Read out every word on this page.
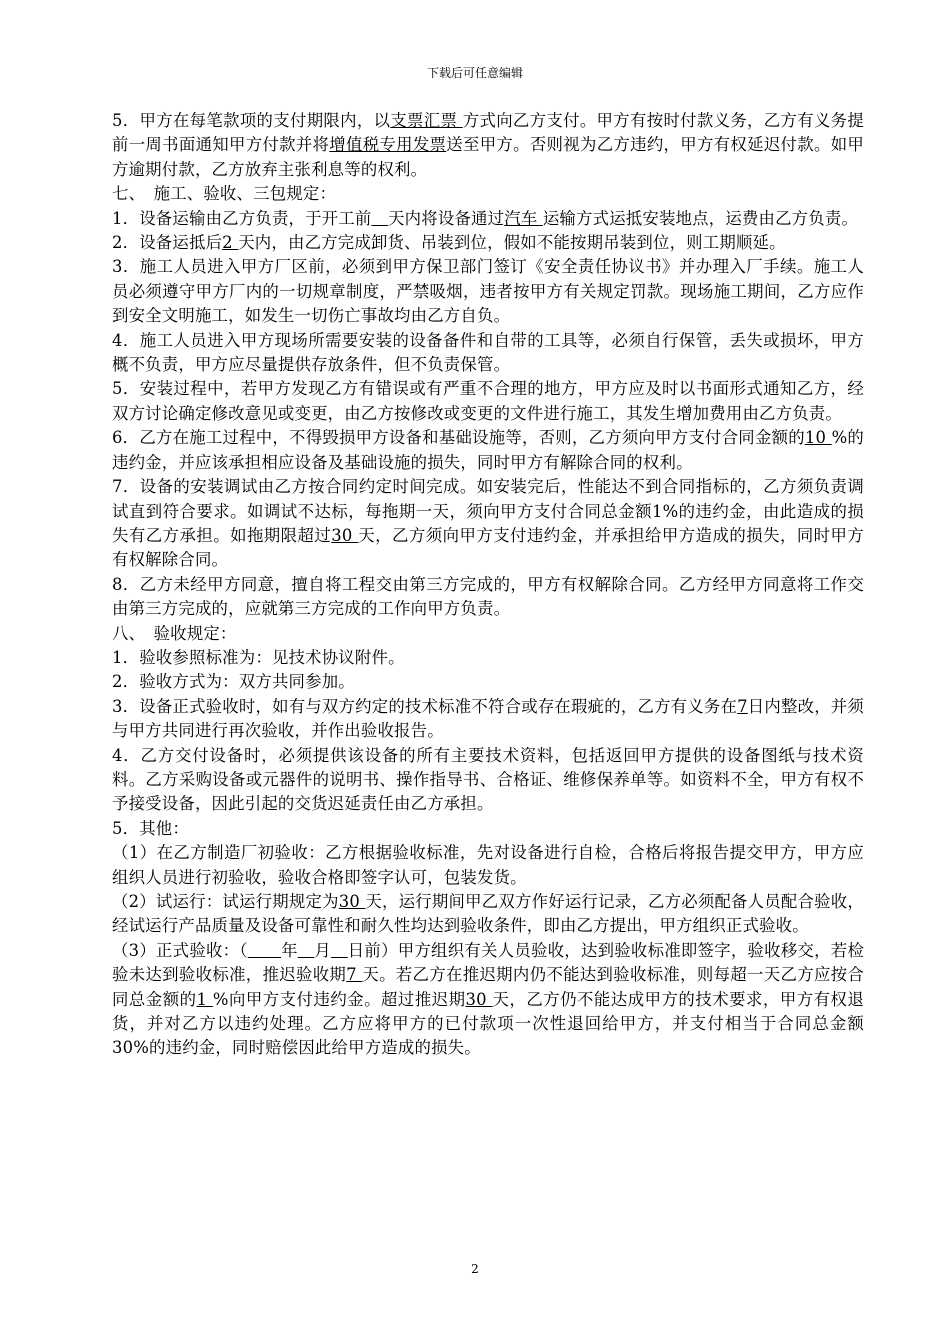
下载后可任意编辑

5．甲方在每笔款项的支付期限内，以支票汇票 方式向乙方支付。甲方有按时付款义务，乙方有义务提前一周书面通知甲方付款并将增值税专用发票送至甲方。否则视为乙方违约，甲方有权延迟付款。如甲方逾期付款，乙方放弃主张利息等的权利。

七、　施工、验收、三包规定：

1．设备运输由乙方负责，于开工前　 天内将设备通过汽车 运输方式运抵安装地点，运费由乙方负责。

2．设备运抵后2 天内，由乙方完成卸货、吊装到位，假如不能按期吊装到位，则工期顺延。

3．施工人员进入甲方厂区前，必须到甲方保卫部门签订《安全责任协议书》并办理入厂手续。施工人员必须遵守甲方厂内的一切规章制度，严禁吸烟，违者按甲方有关规定罚款。现场施工期间，乙方应作到安全文明施工，如发生一切伤亡事故均由乙方自负。

4．施工人员进入甲方现场所需要安装的设备备件和自带的工具等，必须自行保管，丢失或损坏，甲方概不负责，甲方应尽量提供存放条件，但不负责保管。

5．安装过程中，若甲方发现乙方有错误或有严重不合理的地方，甲方应及时以书面形式通知乙方，经双方讨论确定修改意见或变更，由乙方按修改或变更的文件进行施工，其发生增加费用由乙方负责。

6．乙方在施工过程中，不得毁损甲方设备和基础设施等，否则，乙方须向甲方支付合同金额的10 %的违约金，并应该承担相应设备及基础设施的损失，同时甲方有解除合同的权利。

7．设备的安装调试由乙方按合同约定时间完成。如安装完后，性能达不到合同指标的，乙方须负责调试直到符合要求。如调试不达标，每拖期一天，须向甲方支付合同总金额1%的违约金，由此造成的损失有乙方承担。如拖期限超过30 天，乙方须向甲方支付违约金，并承担给甲方造成的损失，同时甲方有权解除合同。

8．乙方未经甲方同意，擅自将工程交由第三方完成的，甲方有权解除合同。乙方经甲方同意将工作交由第三方完成的，应就第三方完成的工作向甲方负责。

八、　验收规定：

1．验收参照标准为：见技术协议附件。

2．验收方式为：双方共同参加。

3．设备正式验收时，如有与双方约定的技术标准不符合或存在瑕疵的，乙方有义务在7日内整改，并须与甲方共同进行再次验收，并作出验收报告。

4．乙方交付设备时，必须提供该设备的所有主要技术资料，包括返回甲方提供的设备图纸与技术资料。乙方采购设备或元器件的说明书、操作指导书、合格证、维修保养单等。如资料不全，甲方有权不予接受设备，因此引起的交货迟延责任由乙方承担。

5．其他：

（1）在乙方制造厂初验收：乙方根据验收标准，先对设备进行自检，合格后将报告提交甲方，甲方应组织人员进行初验收，验收合格即签字认可，包装发货。

（2）试运行：试运行期规定为30 天，运行期间甲乙双方作好运行记录，乙方必须配备人员配合验收，经试运行产品质量及设备可靠性和耐久性均达到验收条件，即由乙方提出，甲方组织正式验收。

（3）正式验收：（　　 年　 月　 日前）甲方组织有关人员验收，达到验收标准即签字，验收移交，若检验未达到验收标准，推迟验收期7 天。若乙方在推迟期内仍不能达到验收标准，则每超一天乙方应按合同总金额的1 %向甲方支付违约金。超过推迟期30 天，乙方仍不能达成甲方的技术要求，甲方有权退货，并对乙方以违约处理。乙方应将甲方的已付款项一次性退回给甲方，并支付相当于合同总金额 30%的违约金，同时赔偿因此给甲方造成的损失。

2
